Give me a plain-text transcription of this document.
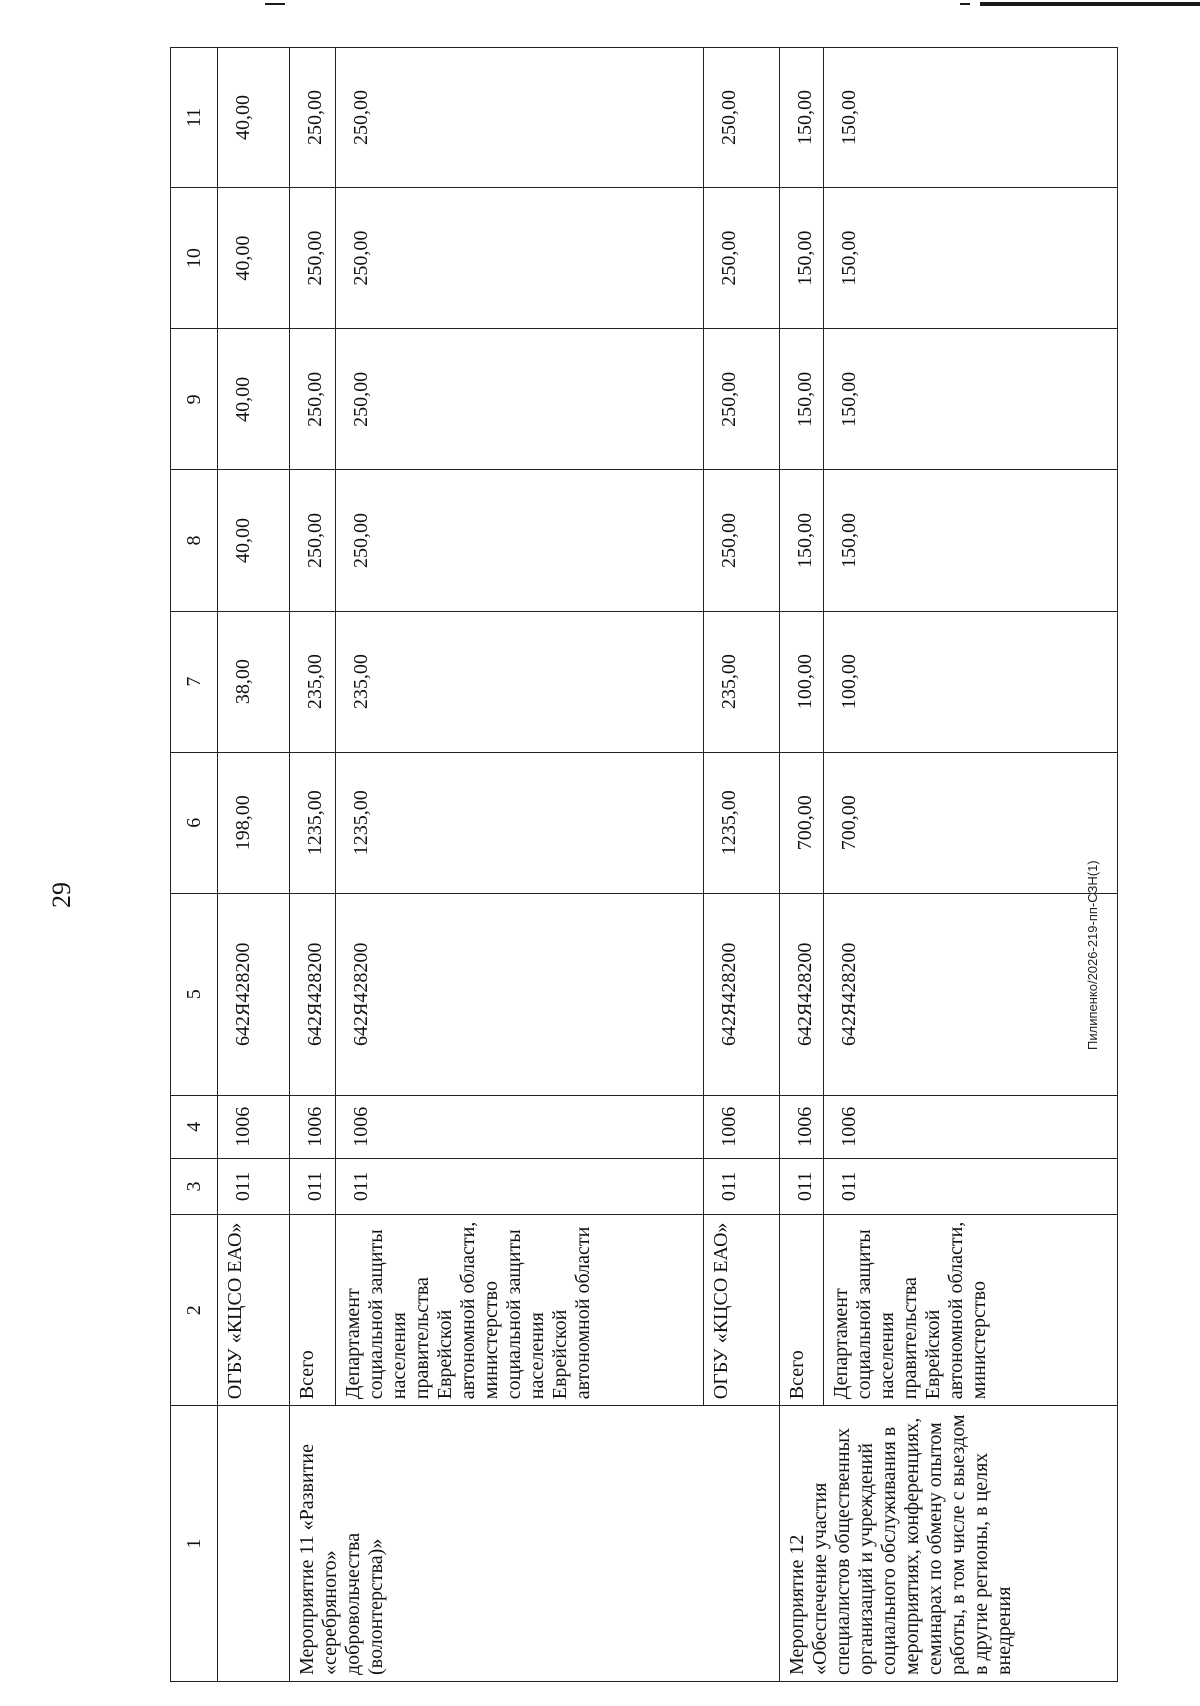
29	Пилипенко/2026-219-пп-СЗН(1)
1	2	3	4	5	6	7	8	9	10	11
	ОГБУ «КЦСО ЕАО»	011	1006	642Я428200	198,00	38,00	40,00	40,00	40,00	40,00
Мероприятие 11 «Развитие «серебряного» добровольчества (волонтерства)»	Всего	011	1006	642Я428200	1235,00	235,00	250,00	250,00	250,00	250,00
	Департамент социальной защиты населения правительства Еврейской автономной области, министерство социальной защиты населения Еврейской автономной области	011	1006	642Я428200	1235,00	235,00	250,00	250,00	250,00	250,00
	ОГБУ «КЦСО ЕАО»	011	1006	642Я428200	1235,00	235,00	250,00	250,00	250,00	250,00
Мероприятие 12 «Обеспечение участия специалистов общественных организаций и учреждений социального обслуживания в мероприятиях, конференциях, семинарах по обмену опытом работы, в том числе с выездом в другие регионы, в целях внедрения	Всего	011	1006	642Я428200	700,00	100,00	150,00	150,00	150,00	150,00
	Департамент социальной защиты населения правительства Еврейской автономной области, министерство	011	1006	642Я428200	700,00	100,00	150,00	150,00	150,00	150,00
